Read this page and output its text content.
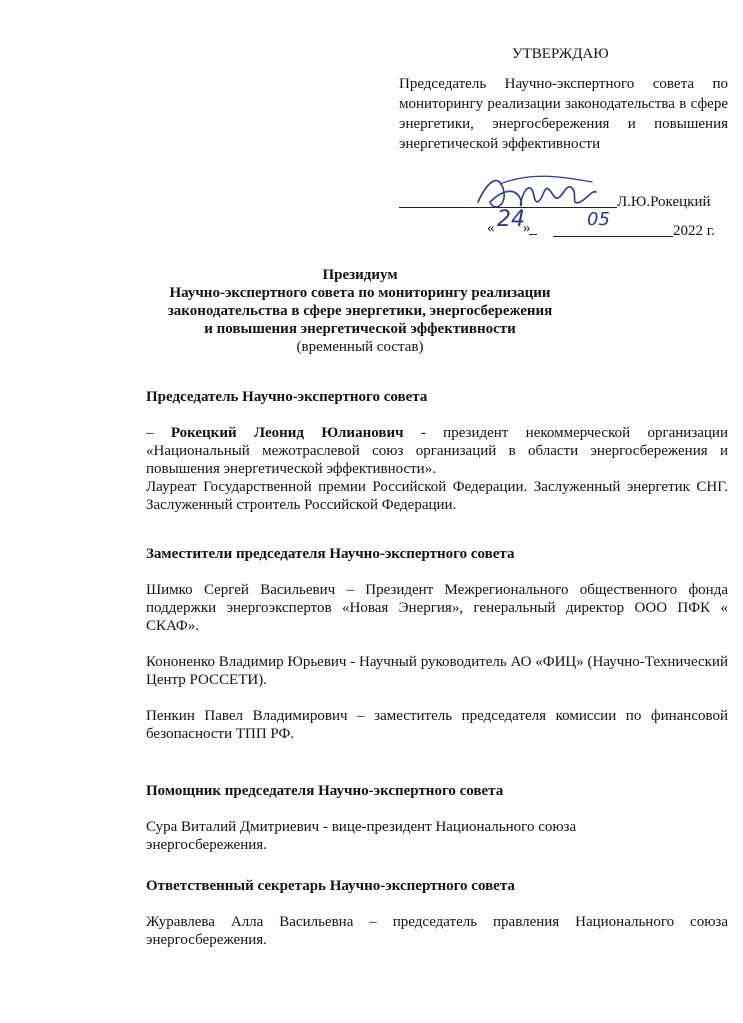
УТВЕРЖДАЮ
Председатель Научно-экспертного совета по мониторингу реализации законодательства в сфере энергетики, энергосбережения и повышения энергетической эффективности
Л.Ю.Рокецкий
« 24
»	05
2022 г.
Президиум
Научно-экспертного совета по мониторингу реализации
законодательства в сфере энергетики, энергосбережения
и повышения энергетической эффективности
(временный состав)
Председатель Научно-экспертного совета
– Рокецкий Леонид Юлианович - президент некоммерческой организации «Национальный межотраслевой союз организаций в области энергосбережения и повышения энергетической эффективности».
Лауреат Государственной премии Российской Федерации. Заслуженный энергетик СНГ. Заслуженный строитель Российской Федерации.
Заместители председателя Научно-экспертного совета
Шимко Сергей Васильевич – Президент Межрегионального общественного фонда поддержки энергоэкспертов «Новая Энергия», генеральный директор ООО ПФК « СКАФ».
Кононенко Владимир Юрьевич - Научный руководитель АО «ФИЦ» (Научно-Технический Центр РОССЕТИ).
Пенкин Павел Владимирович – заместитель председателя комиссии по финансовой безопасности ТПП РФ.
Помощник председателя Научно-экспертного совета
Сура Виталий Дмитриевич - вице-президент Национального союза энергосбережения.
Ответственный секретарь Научно-экспертного совета
Журавлева Алла Васильевна – председатель правления Национального союза энергосбережения.
